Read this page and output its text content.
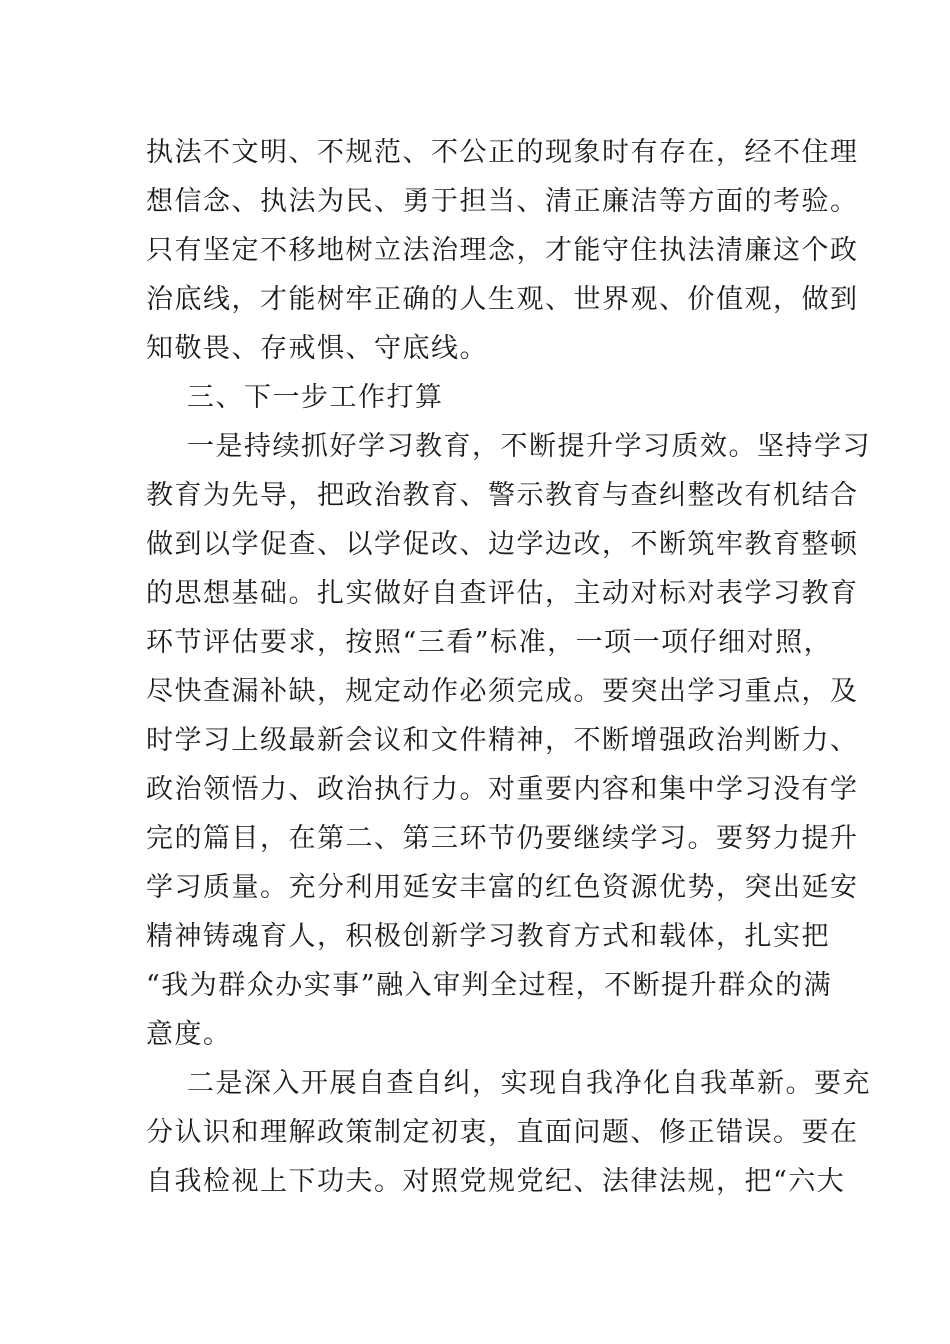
执法不文明、不规范、不公正的现象时有存在，经不住理
想信念、执法为民、勇于担当、清正廉洁等方面的考验。
只有坚定不移地树立法治理念，才能守住执法清廉这个政
治底线，才能树牢正确的人生观、世界观、价值观，做到
知敬畏、存戒惧、守底线。
三、下一步工作打算
一是持续抓好学习教育，不断提升学习质效。坚持学习
教育为先导，把政治教育、警示教育与查纠整改有机结合
做到以学促查、以学促改、边学边改，不断筑牢教育整顿
的思想基础。扎实做好自查评估，主动对标对表学习教育
环节评估要求，按照“三看”标准，一项一项仔细对照，
尽快查漏补缺，规定动作必须完成。要突出学习重点，及
时学习上级最新会议和文件精神，不断增强政治判断力、
政治领悟力、政治执行力。对重要内容和集中学习没有学
完的篇目，在第二、第三环节仍要继续学习。要努力提升
学习质量。充分利用延安丰富的红色资源优势，突出延安
精神铸魂育人，积极创新学习教育方式和载体，扎实把
“我为群众办实事”融入审判全过程，不断提升群众的满
意度。
二是深入开展自查自纠，实现自我净化自我革新。要充
分认识和理解政策制定初衷，直面问题、修正错误。要在
自我检视上下功夫。对照党规党纪、法律法规，把“六大
